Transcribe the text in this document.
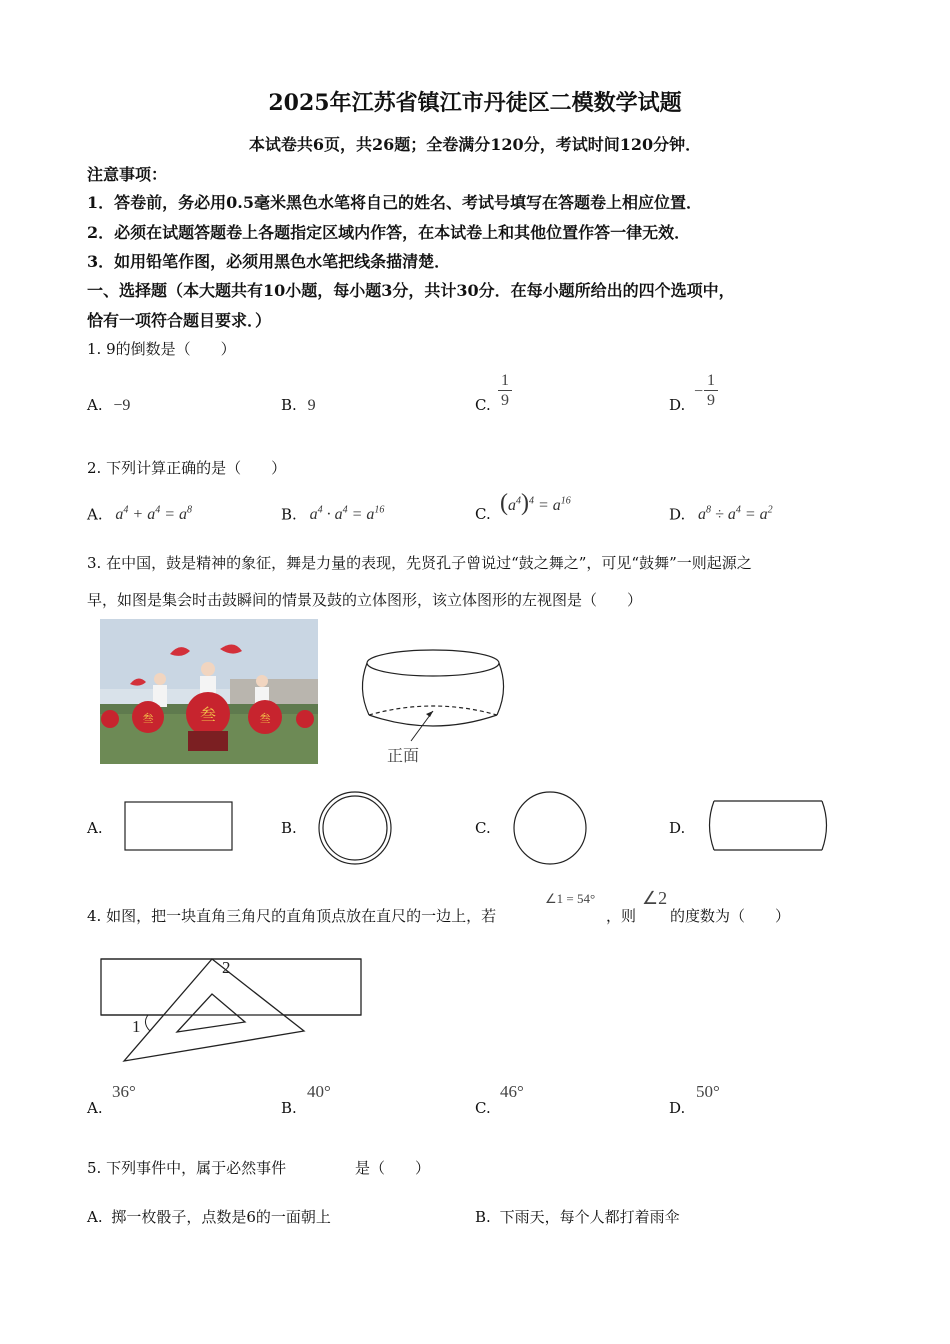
2025年江苏省镇江市丹徒区二模数学试题
本试卷共6页，共26题；全卷满分120分，考试时间120分钟．
注意事项：
1．答卷前，务必用0.5毫米黑色水笔将自己的姓名、考试号填写在答题卷上相应位置．
2．必须在试题答题卷上各题指定区域内作答，在本试卷上和其他位置作答一律无效．
3．如用铅笔作图，必须用黑色水笔把线条描清楚．
一、选择题（本大题共有10小题，每小题3分，共计30分．在每小题所给出的四个选项中，
恰有一项符合题目要求．）
1. 9的倒数是（　　）
A. −9	B. 9	C. $\frac{1}{9}$	D.
− $\frac{1}{9}$
2. 下列计算正确的是（　　）
A. $a^4 + a^4 = a^8$	B. $a^4 \cdot a^4 = a^{16}$	C. $(a^4)^4 = a^{16}$
D. $a^8 \div a^4 = a^2$
3. 在中国，鼓是精神的象征，舞是力量的表现，先贤孔子曾说过“鼓之舞之”，可见“鼓舞”一则起源之
早，如图是集会时击鼓瞬间的情景及鼓的立体图形，该立体图形的左视图是（　　）
叁
叁	叁
正面
A.	B.	C.	D.
4. 如图，把一块直角三角尺的直角顶点放在直尺的一边上，若
∠1 = 54°
，则
∠2
的度数为（　　）
1
2
A.
36°
B.
40°
C.
46°
D.
50°
5. 下列事件中，属于必然事件	是（　　）
A. 掷一枚骰子，点数是6的一面朝上	B. 下雨天，每个人都打着雨伞
